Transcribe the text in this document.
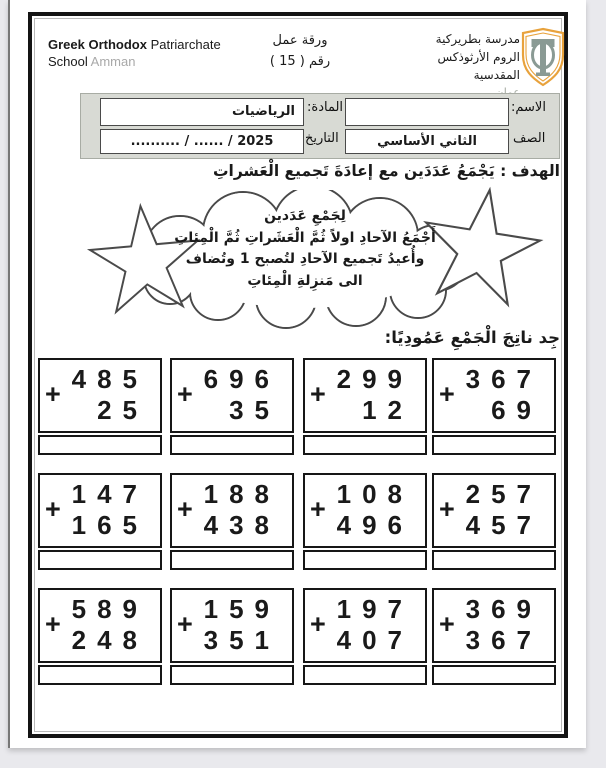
Greek Orthodox Patriarchate
School Amman
ورقة عمل
رقم ( 15 )
مدرسة بطريركية
الروم الأرثوذكس المقدسية
الاسم:
المادة:
الرياضيات
الصف
الثاني الأساسي
التاريخ
.......... / ...... / 2025
الهدف : يَجْمَعُ عَدَدَين مع إعادَةَ تَجميع الْعَشراتِ
لِجَمْعِ عَدَدين
أَجْمَعُ الآحادِ اولاً ثُمَّ الْعَشَراتِ ثُمَّ الْمِئاتِ
وأُعيدُ تَجميع الآحادِ لتُصبح 1 وتُضاف
الى مَنزِلةِ الْمِئاتِ
جِد ناتِجَ الْجَمْعِ عَمُودِيًا:
+ 485
25
+ 696
35
+ 299
12
+ 367
69
+ 147
165
+ 188
438
+ 108
496
+ 257
457
+ 589
248
+ 159
351
+ 197
407
+ 369
367
